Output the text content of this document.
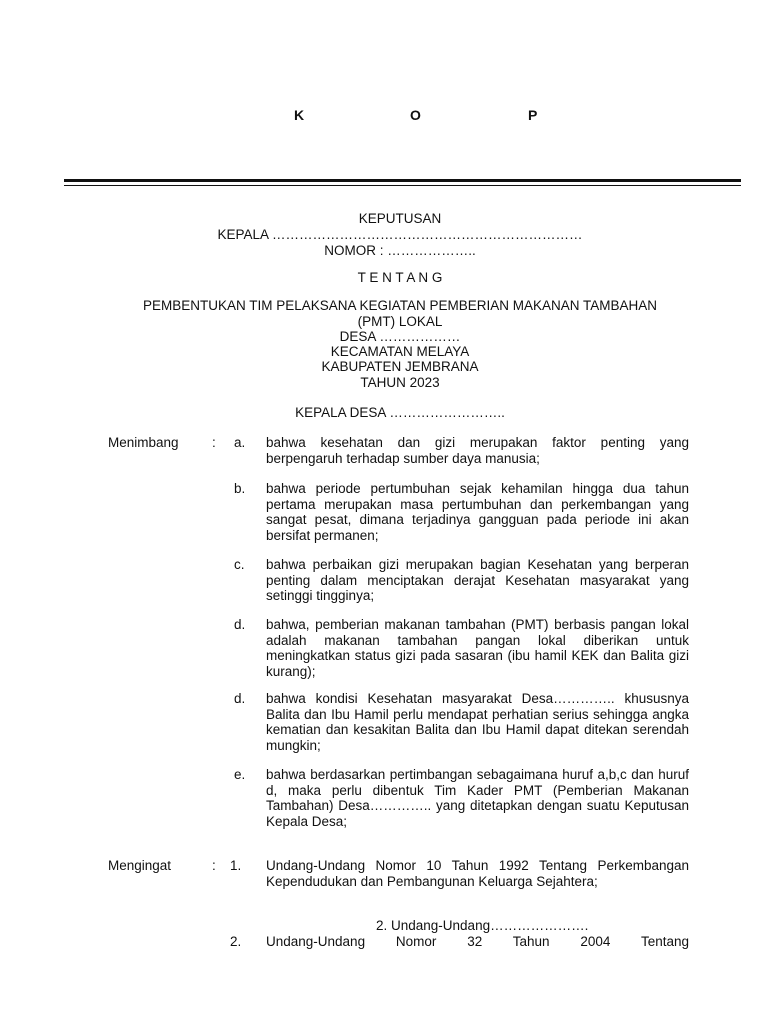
K	O	P
KEPUTUSAN
KEPALA ……………………………………………………………
NOMOR : ………………..
T E N T A N G
PEMBENTUKAN TIM PELAKSANA KEGIATAN PEMBERIAN MAKANAN TAMBAHAN
(PMT) LOKAL
DESA ………………
KECAMATAN MELAYA
KABUPATEN JEMBRANA
TAHUN 2023
KEPALA DESA ……………………..
Menimbang : a. bahwa kesehatan dan gizi merupakan faktor penting yang berpengaruh terhadap sumber daya manusia;
b. bahwa periode pertumbuhan sejak kehamilan hingga dua tahun pertama merupakan masa pertumbuhan dan perkembangan yang sangat pesat, dimana terjadinya gangguan pada periode ini akan bersifat permanen;
c. bahwa perbaikan gizi merupakan bagian Kesehatan yang berperan penting dalam menciptakan derajat Kesehatan masyarakat yang setinggi tingginya;
d. bahwa, pemberian makanan tambahan (PMT) berbasis pangan lokal adalah makanan tambahan pangan lokal diberikan untuk meningkatkan status gizi pada sasaran (ibu hamil KEK dan Balita gizi kurang);
d. bahwa kondisi Kesehatan masyarakat Desa………….. khususnya Balita dan Ibu Hamil perlu mendapat perhatian serius sehingga angka kematian dan kesakitan Balita dan Ibu Hamil dapat ditekan serendah mungkin;
e. bahwa berdasarkan pertimbangan sebagaimana huruf a,b,c dan huruf d, maka perlu dibentuk Tim Kader PMT (Pemberian Makanan Tambahan) Desa………….. yang ditetapkan dengan suatu Keputusan Kepala Desa;
Mengingat	: 1. Undang-Undang Nomor 10 Tahun 1992 Tentang Perkembangan Kependudukan dan Pembangunan Keluarga Sejahtera;
2. Undang-Undang………………….
2. Undang-Undang Nomor 32 Tahun 2004 Tentang
